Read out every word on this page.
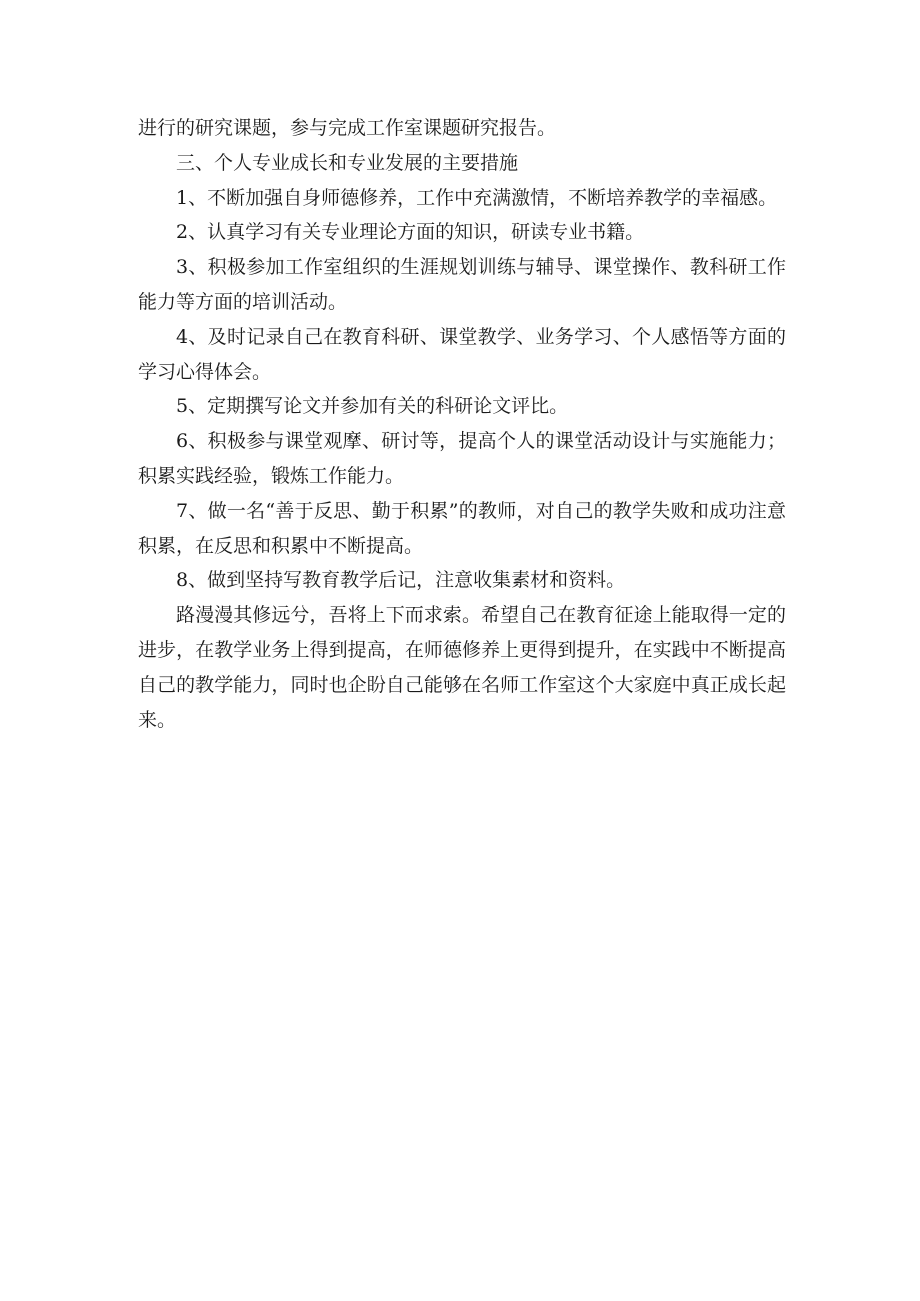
进行的研究课题，参与完成工作室课题研究报告。

三、个人专业成长和专业发展的主要措施

1、不断加强自身师德修养，工作中充满激情，不断培养教学的幸福感。

2、认真学习有关专业理论方面的知识，研读专业书籍。

3、积极参加工作室组织的生涯规划训练与辅导、课堂操作、教科研工作能力等方面的培训活动。

4、及时记录自己在教育科研、课堂教学、业务学习、个人感悟等方面的学习心得体会。

5、定期撰写论文并参加有关的科研论文评比。

6、积极参与课堂观摩、研讨等，提高个人的课堂活动设计与实施能力；积累实践经验，锻炼工作能力。

7、做一名“善于反思、勤于积累”的教师，对自己的教学失败和成功注意积累，在反思和积累中不断提高。

8、做到坚持写教育教学后记，注意收集素材和资料。

路漫漫其修远兮，吾将上下而求索。希望自己在教育征途上能取得一定的进步，在教学业务上得到提高，在师德修养上更得到提升，在实践中不断提高自己的教学能力，同时也企盼自己能够在名师工作室这个大家庭中真正成长起来。
